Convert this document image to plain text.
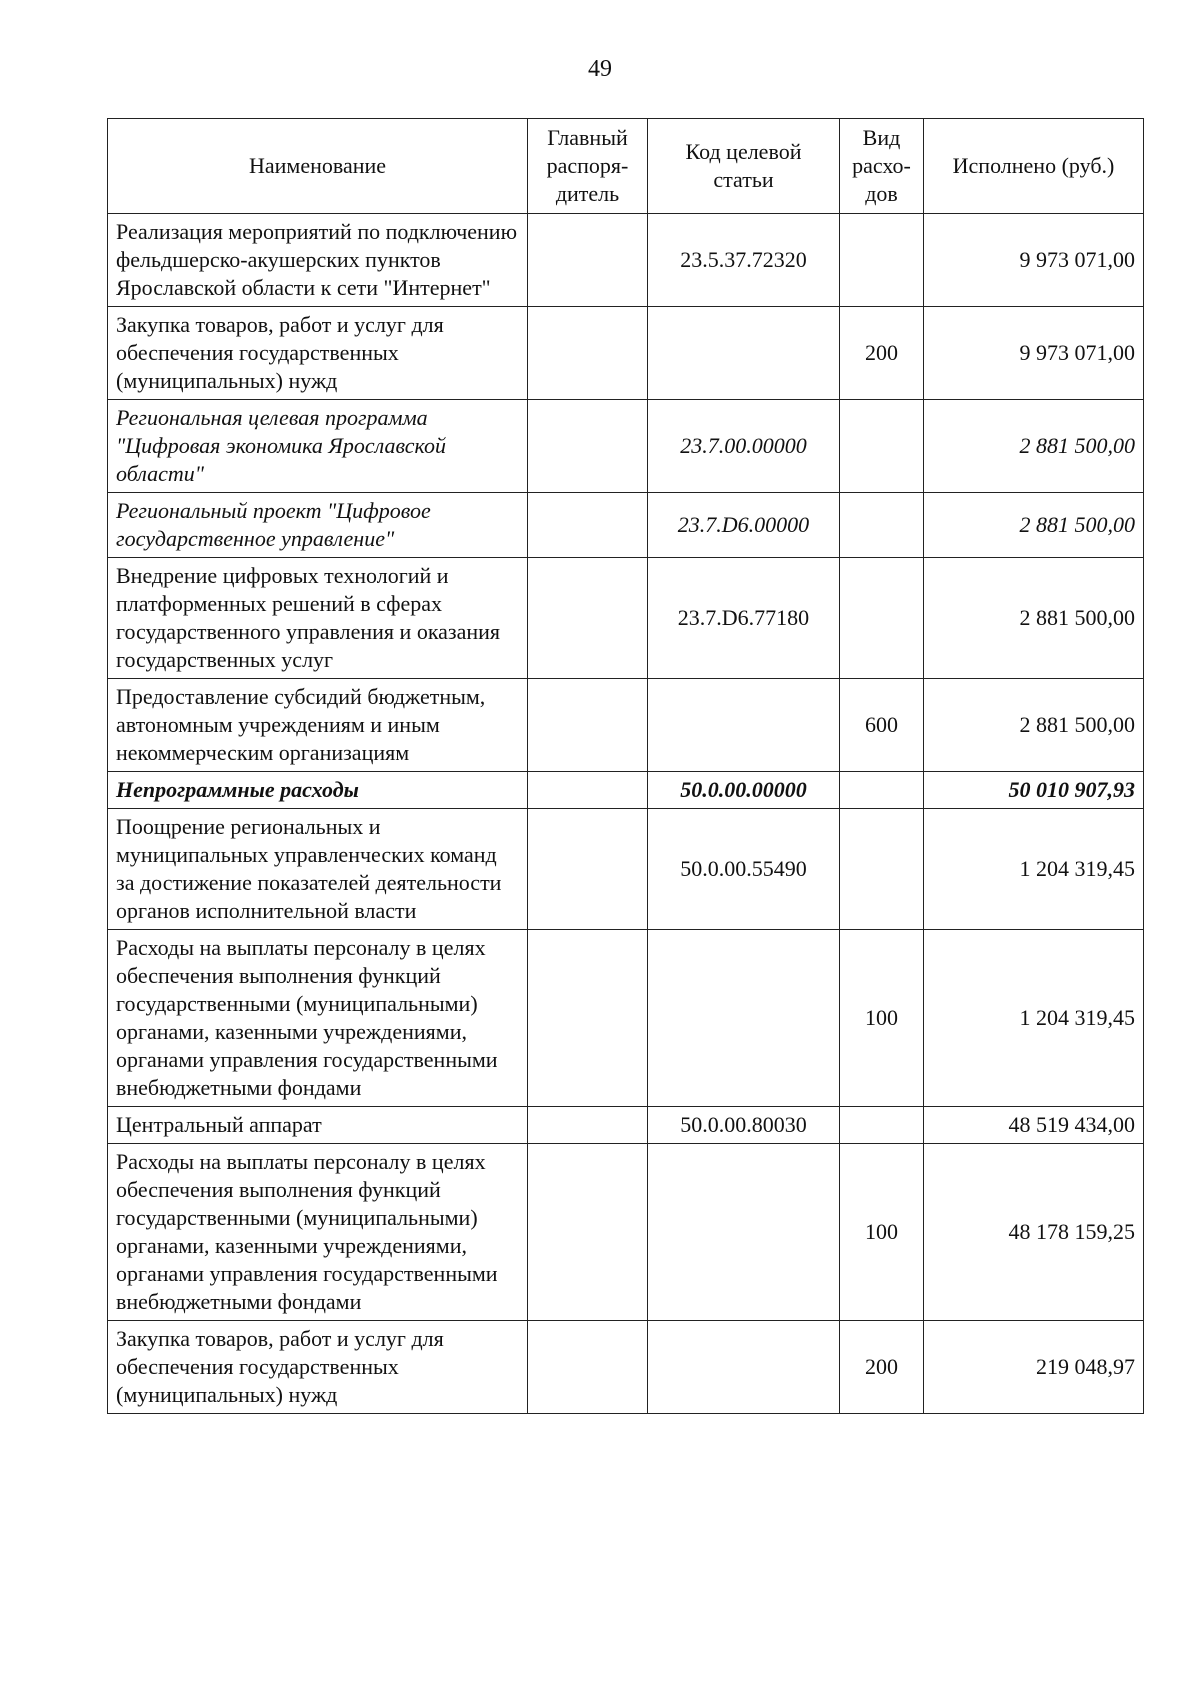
49
Наименование	Главный распоря-дитель	Код целевой статьи	Вид расхо-дов	Исполнено (руб.)
Реализация мероприятий по подключению фельдшерско-акушерских пунктов Ярославской области к сети "Интернет"		23.5.37.72320		9 973 071,00
Закупка товаров, работ и услуг для обеспечения государственных (муниципальных) нужд			200	9 973 071,00
Региональная целевая программа "Цифровая экономика Ярославской области"		23.7.00.00000		2 881 500,00
Региональный проект "Цифровое государственное управление"		23.7.D6.00000		2 881 500,00
Внедрение цифровых технологий и платформенных решений в сферах государственного управления и оказания государственных услуг		23.7.D6.77180		2 881 500,00
Предоставление субсидий бюджетным, автономным учреждениям и иным некоммерческим организациям			600	2 881 500,00
Непрограммные расходы		50.0.00.00000		50 010 907,93
Поощрение региональных и муниципальных управленческих команд за достижение показателей деятельности органов исполнительной власти		50.0.00.55490		1 204 319,45
Расходы на выплаты персоналу в целях обеспечения выполнения функций государственными (муниципальными) органами, казенными учреждениями, органами управления государственными внебюджетными фондами			100	1 204 319,45
Центральный аппарат		50.0.00.80030		48 519 434,00
Расходы на выплаты персоналу в целях обеспечения выполнения функций государственными (муниципальными) органами, казенными учреждениями, органами управления государственными внебюджетными фондами			100	48 178 159,25
Закупка товаров, работ и услуг для обеспечения государственных (муниципальных) нужд			200	219 048,97
